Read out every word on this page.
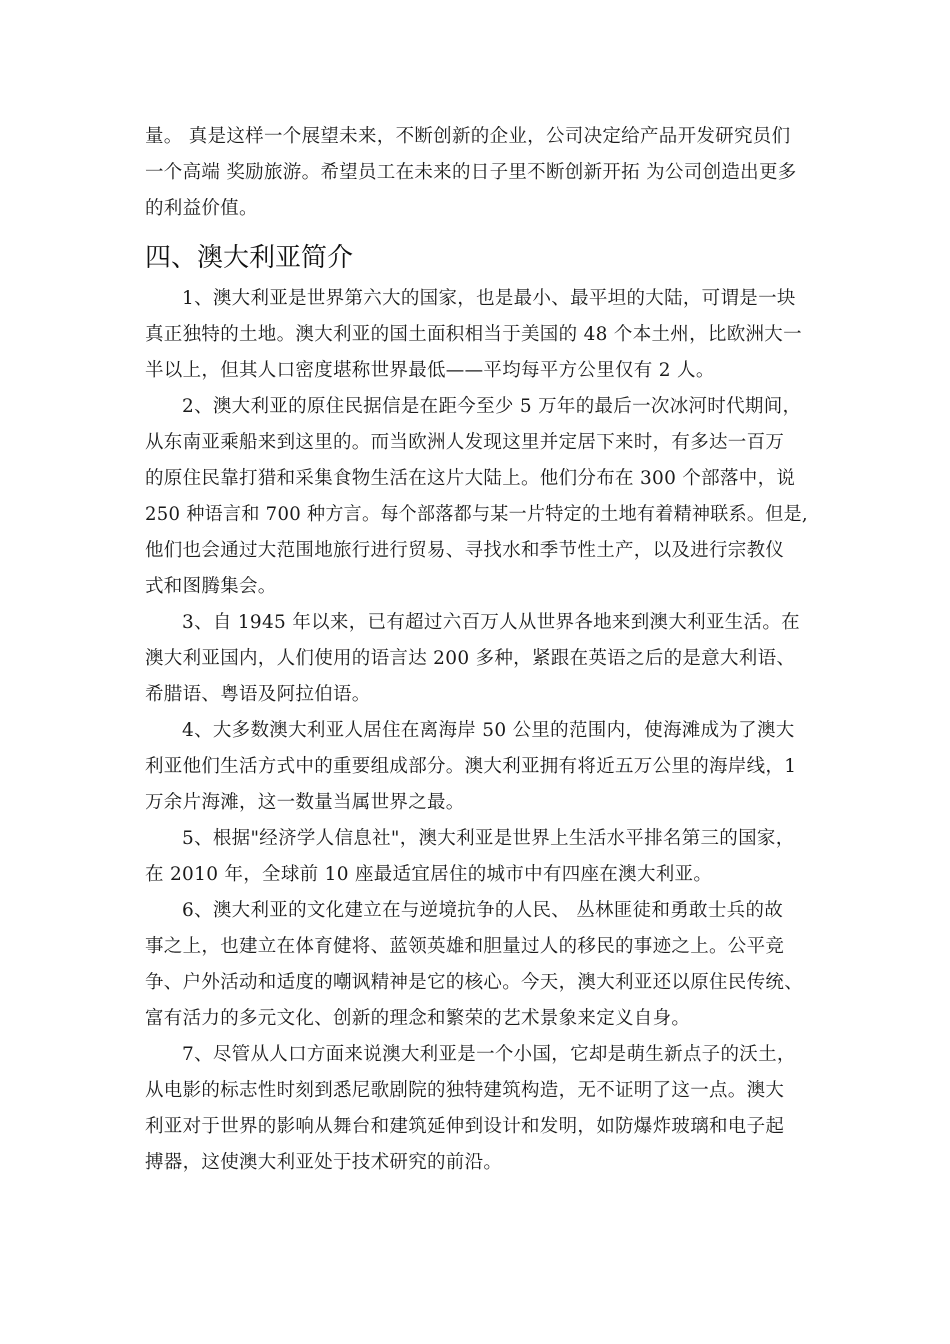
量。 真是这样一个展望未来，不断创新的企业，公司决定给产品开发研究员们
一个高端 奖励旅游。希望员工在未来的日子里不断创新开拓 为公司创造出更多
的利益价值。
四、澳大利亚简介
1、澳大利亚是世界第六大的国家，也是最小、最平坦的大陆，可谓是一块
真正独特的土地。澳大利亚的国土面积相当于美国的 48 个本土州，比欧洲大一
半以上，但其人口密度堪称世界最低——平均每平方公里仅有 2 人。
2、澳大利亚的原住民据信是在距今至少 5 万年的最后一次冰河时代期间，
从东南亚乘船来到这里的。而当欧洲人发现这里并定居下来时，有多达一百万
的原住民靠打猎和采集食物生活在这片大陆上。他们分布在 300 个部落中，说
250 种语言和 700 种方言。每个部落都与某一片特定的土地有着精神联系。但是,
他们也会通过大范围地旅行进行贸易、寻找水和季节性土产，以及进行宗教仪
式和图腾集会。
3、自 1945 年以来，已有超过六百万人从世界各地来到澳大利亚生活。在
澳大利亚国内，人们使用的语言达 200 多种，紧跟在英语之后的是意大利语、
希腊语、粤语及阿拉伯语。
4、大多数澳大利亚人居住在离海岸 50 公里的范围内，使海滩成为了澳大
利亚他们生活方式中的重要组成部分。澳大利亚拥有将近五万公里的海岸线，1
万余片海滩，这一数量当属世界之最。
5、根据"经济学人信息社"，澳大利亚是世界上生活水平排名第三的国家，
在 2010 年，全球前 10 座最适宜居住的城市中有四座在澳大利亚。
6、澳大利亚的文化建立在与逆境抗争的人民、 丛林匪徒和勇敢士兵的故
事之上，也建立在体育健将、蓝领英雄和胆量过人的移民的事迹之上。公平竞
争、户外活动和适度的嘲讽精神是它的核心。今天，澳大利亚还以原住民传统、
富有活力的多元文化、创新的理念和繁荣的艺术景象来定义自身。
7、尽管从人口方面来说澳大利亚是一个小国，它却是萌生新点子的沃土，
从电影的标志性时刻到悉尼歌剧院的独特建筑构造，无不证明了这一点。澳大
利亚对于世界的影响从舞台和建筑延伸到设计和发明，如防爆炸玻璃和电子起
搏器，这使澳大利亚处于技术研究的前沿。
